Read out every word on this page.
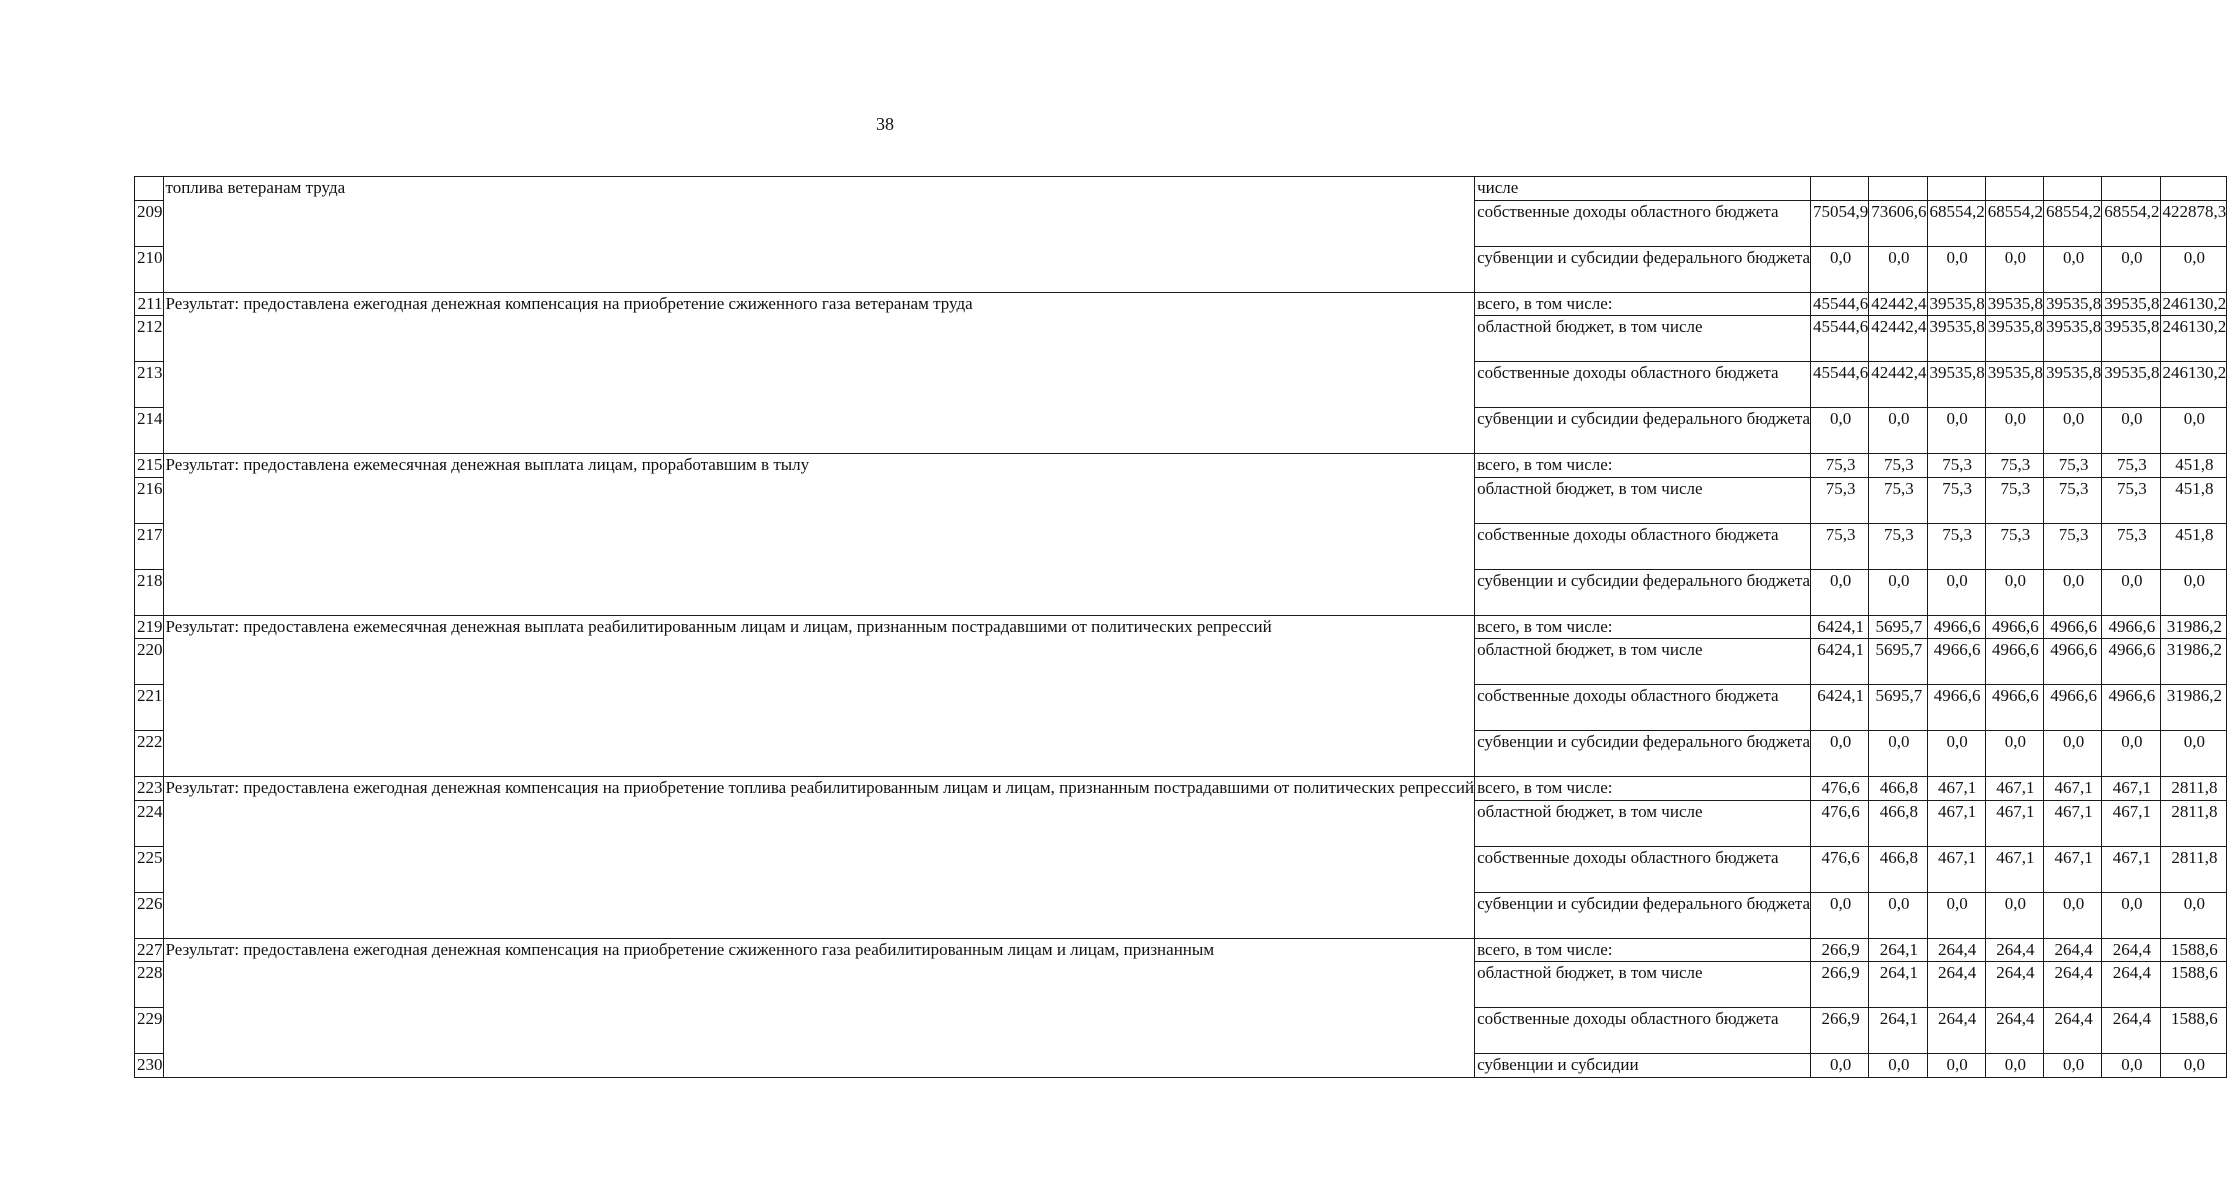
38
	топлива ветеранам труда	числе							
209		собственные доходы областного бюджета	75054,9	73606,6	68554,2	68554,2	68554,2	68554,2	422878,3
210		субвенции и субсидии федерального бюджета	0,0	0,0	0,0	0,0	0,0	0,0	0,0
211	Результат: предоставлена ежегодная денежная компенсация на приобретение сжиженного газа ветеранам труда	всего, в том числе:	45544,6	42442,4	39535,8	39535,8	39535,8	39535,8	246130,2
212		областной бюджет, в том числе	45544,6	42442,4	39535,8	39535,8	39535,8	39535,8	246130,2
213		собственные доходы областного бюджета	45544,6	42442,4	39535,8	39535,8	39535,8	39535,8	246130,2
214		субвенции и субсидии федерального бюджета	0,0	0,0	0,0	0,0	0,0	0,0	0,0
215	Результат: предоставлена ежемесячная денежная выплата лицам, проработавшим в тылу	всего, в том числе:	75,3	75,3	75,3	75,3	75,3	75,3	451,8
216		областной бюджет, в том числе	75,3	75,3	75,3	75,3	75,3	75,3	451,8
217		собственные доходы областного бюджета	75,3	75,3	75,3	75,3	75,3	75,3	451,8
218		субвенции и субсидии федерального бюджета	0,0	0,0	0,0	0,0	0,0	0,0	0,0
219	Результат: предоставлена ежемесячная денежная выплата реабилитированным лицам и лицам, признанным пострадавшими от политических репрессий	всего, в том числе:	6424,1	5695,7	4966,6	4966,6	4966,6	4966,6	31986,2
220		областной бюджет, в том числе	6424,1	5695,7	4966,6	4966,6	4966,6	4966,6	31986,2
221		собственные доходы областного бюджета	6424,1	5695,7	4966,6	4966,6	4966,6	4966,6	31986,2
222		субвенции и субсидии федерального бюджета	0,0	0,0	0,0	0,0	0,0	0,0	0,0
223	Результат: предоставлена ежегодная денежная компенсация на приобретение топлива реабилитированным лицам и лицам, признанным пострадавшими от политических репрессий	всего, в том числе:	476,6	466,8	467,1	467,1	467,1	467,1	2811,8
224		областной бюджет, в том числе	476,6	466,8	467,1	467,1	467,1	467,1	2811,8
225		собственные доходы областного бюджета	476,6	466,8	467,1	467,1	467,1	467,1	2811,8
226		субвенции и субсидии федерального бюджета	0,0	0,0	0,0	0,0	0,0	0,0	0,0
227	Результат: предоставлена ежегодная денежная компенсация на приобретение сжиженного газа реабилитированным лицам и лицам, признанным	всего, в том числе:	266,9	264,1	264,4	264,4	264,4	264,4	1588,6
228		областной бюджет, в том числе	266,9	264,1	264,4	264,4	264,4	264,4	1588,6
229		собственные доходы областного бюджета	266,9	264,1	264,4	264,4	264,4	264,4	1588,6
230		субвенции и субсидии	0,0	0,0	0,0	0,0	0,0	0,0	0,0
